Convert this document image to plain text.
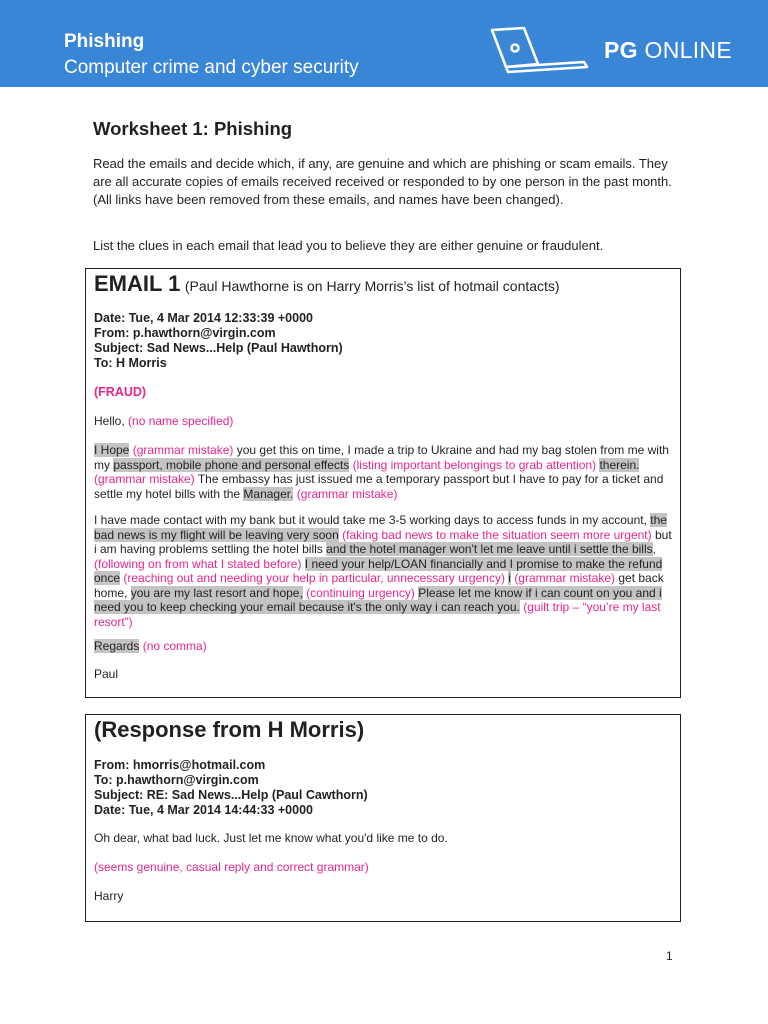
Phishing
Computer crime and cyber security
PG ONLINE
Worksheet 1: Phishing
Read the emails and decide which, if any, are genuine and which are phishing or scam emails. They are all accurate copies of emails received received or responded to by one person in the past month. (All links have been removed from these emails, and names have been changed).
List the clues in each email that lead you to believe they are either genuine or fraudulent.
EMAIL 1 (Paul Hawthorne is on Harry Morris’s list of hotmail contacts)
Date: Tue, 4 Mar 2014 12:33:39 +0000
From: p.hawthorn@virgin.com
Subject: Sad News...Help (Paul Hawthorn)
To: H Morris
(FRAUD)
Hello, (no name specified)
I Hope (grammar mistake) you get this on time, I made a trip to Ukraine and had my bag stolen from me with my passport, mobile phone and personal effects (listing important belongings to grab attention) therein. (grammar mistake) The embassy has just issued me a temporary passport but I have to pay for a ticket and settle my hotel bills with the Manager. (grammar mistake)
I have made contact with my bank but it would take me 3-5 working days to access funds in my account, the bad news is my flight will be leaving very soon (faking bad news to make the situation seem more urgent) but i am having problems settling the hotel bills and the hotel manager won't let me leave until i settle the bills, (following on from what I stated before) I need your help/LOAN financially and I promise to make the refund once (reaching out and needing your help in particular, unnecessary urgency) i (grammar mistake) get back home, you are my last resort and hope, (continuing urgency) Please let me know if i can count on you and i need you to keep checking your email because it's the only way i can reach you. (guilt trip – “you’re my last resort”)
Regards (no comma)
Paul
(Response from H Morris)
From: hmorris@hotmail.com
To: p.hawthorn@virgin.com
Subject: RE: Sad News...Help (Paul Cawthorn)
Date: Tue, 4 Mar 2014 14:44:33 +0000
Oh dear, what bad luck. Just let me know what you'd like me to do.
(seems genuine, casual reply and correct grammar)
Harry
1
